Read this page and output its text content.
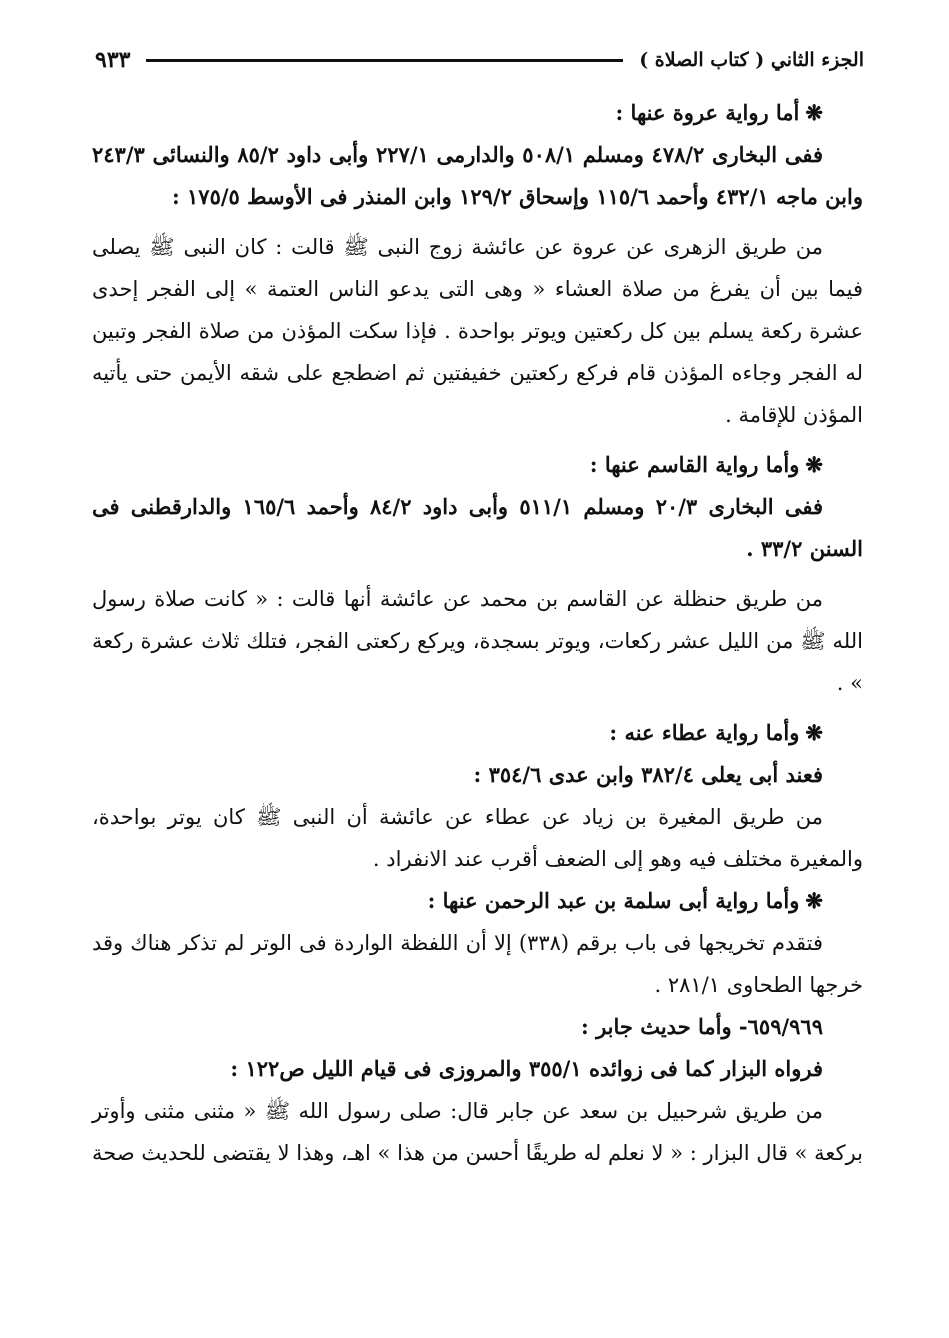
الجزء الثاني ( كتاب الصلاة )
٩٣٣

❋أما رواية عروة عنها :

ففى البخارى ٤٧٨/٢ ومسلم ٥٠٨/١ والدارمى ٢٢٧/١ وأبى داود ٨٥/٢ والنسائى ٢٤٣/٣ وابن ماجه ٤٣٢/١ وأحمد ١١٥/٦ وإسحاق ١٢٩/٢ وابن المنذر فى الأوسط ١٧٥/٥ :

من طريق الزهرى عن عروة عن عائشة زوج النبى ﷺ قالت : كان النبى ﷺ يصلى فيما بين أن يفرغ من صلاة العشاء « وهى التى يدعو الناس العتمة » إلى الفجر إحدى عشرة ركعة يسلم بين كل ركعتين ويوتر بواحدة . فإذا سكت المؤذن من صلاة الفجر وتبين له الفجر وجاءه المؤذن قام فركع ركعتين خفيفتين ثم اضطجع على شقه الأيمن حتى يأتيه المؤذن للإقامة .

❋وأما رواية القاسم عنها :

ففى البخارى ٢٠/٣ ومسلم ٥١١/١ وأبى داود ٨٤/٢ وأحمد ١٦٥/٦ والدارقطنى فى السنن ٣٣/٢ .

من طريق حنظلة عن القاسم بن محمد عن عائشة أنها قالت : « كانت صلاة رسول الله ﷺ من الليل عشر ركعات، ويوتر بسجدة، ويركع ركعتى الفجر، فتلك ثلاث عشرة ركعة » .

❋وأما رواية عطاء عنه :

فعند أبى يعلى ٣٨٢/٤ وابن عدى ٣٥٤/٦ :

من طريق المغيرة بن زياد عن عطاء عن عائشة أن النبى ﷺ كان يوتر بواحدة، والمغيرة مختلف فيه وهو إلى الضعف أقرب عند الانفراد .

❋وأما رواية أبى سلمة بن عبد الرحمن عنها :

فتقدم تخريجها فى باب برقم (٣٣٨) إلا أن اللفظة الواردة فى الوتر لم تذكر هناك وقد خرجها الطحاوى ٢٨١/١ .

٦٥٩/٩٦٩- وأما حديث جابر :

فرواه البزار كما فى زوائده ٣٥٥/١ والمروزى فى قيام الليل ص١٢٢ :

من طريق شرحبيل بن سعد عن جابر قال: صلى رسول الله ﷺ « مثنى مثنى وأوتر بركعة » قال البزار : « لا نعلم له طريقًا أحسن من هذا » اهـ، وهذا لا يقتضى للحديث صحة
